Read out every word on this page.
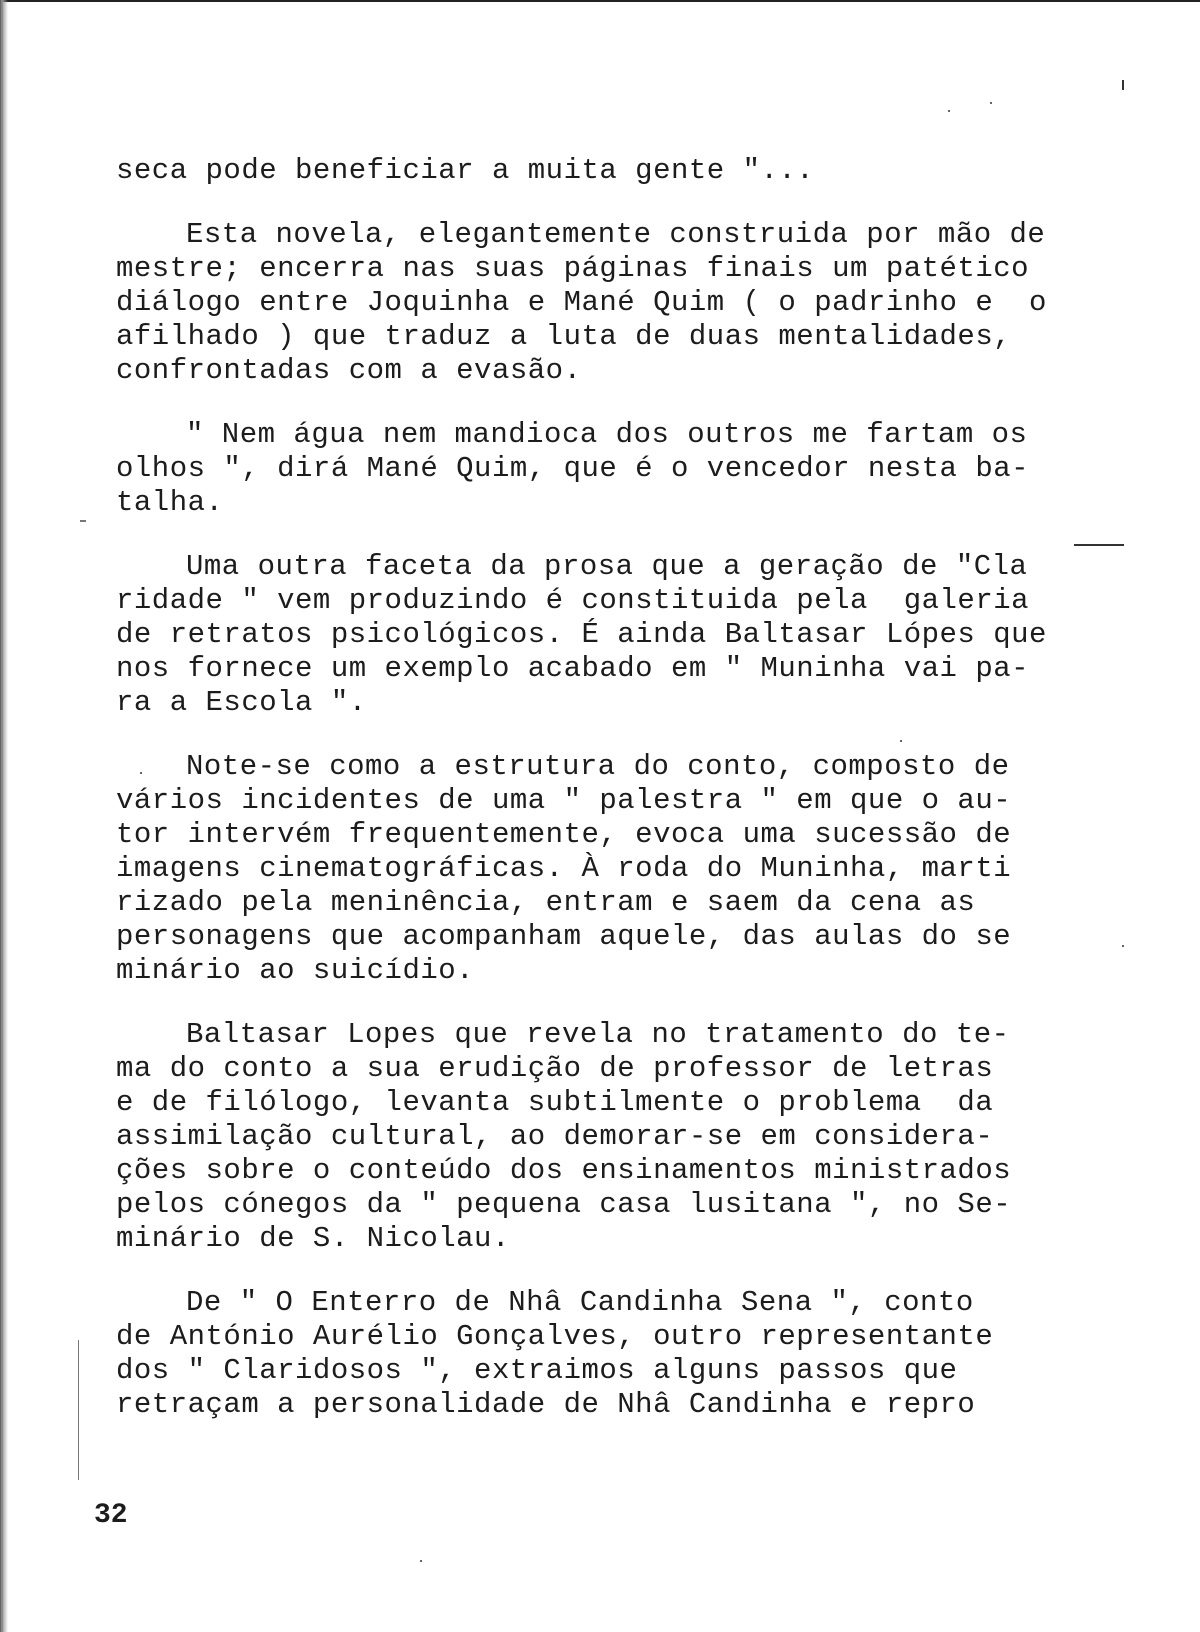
seca pode beneficiar a muita gente "...
Esta novela, elegantemente construida por mão de
mestre; encerra nas suas páginas finais um patético
diálogo entre Joquinha e Mané Quim ( o padrinho e  o
afilhado ) que traduz a luta de duas mentalidades,
confrontadas com a evasão.
" Nem água nem mandioca dos outros me fartam os
olhos ", dirá Mané Quim, que é o vencedor nesta ba-
talha.
Uma outra faceta da prosa que a geração de "Cla
ridade " vem produzindo é constituida pela  galeria
de retratos psicológicos. É ainda Baltasar Lópes que
nos fornece um exemplo acabado em " Muninha vai pa-
ra a Escola ".
Note-se como a estrutura do conto, composto de
vários incidentes de uma " palestra " em que o au-
tor intervém frequentemente, evoca uma sucessão de
imagens cinematográficas. À roda do Muninha, marti
rizado pela meninência, entram e saem da cena as
personagens que acompanham aquele, das aulas do se
minário ao suicídio.
Baltasar Lopes que revela no tratamento do te-
ma do conto a sua erudição de professor de letras
e de filólogo, levanta subtilmente o problema  da
assimilação cultural, ao demorar-se em considera-
ções sobre o conteúdo dos ensinamentos ministrados
pelos cónegos da " pequena casa lusitana ", no Se-
minário de S. Nicolau.
De " O Enterro de Nhâ Candinha Sena ", conto
de António Aurélio Gonçalves, outro representante
dos " Claridosos ", extraimos alguns passos que
retraçam a personalidade de Nhâ Candinha e repro
32
